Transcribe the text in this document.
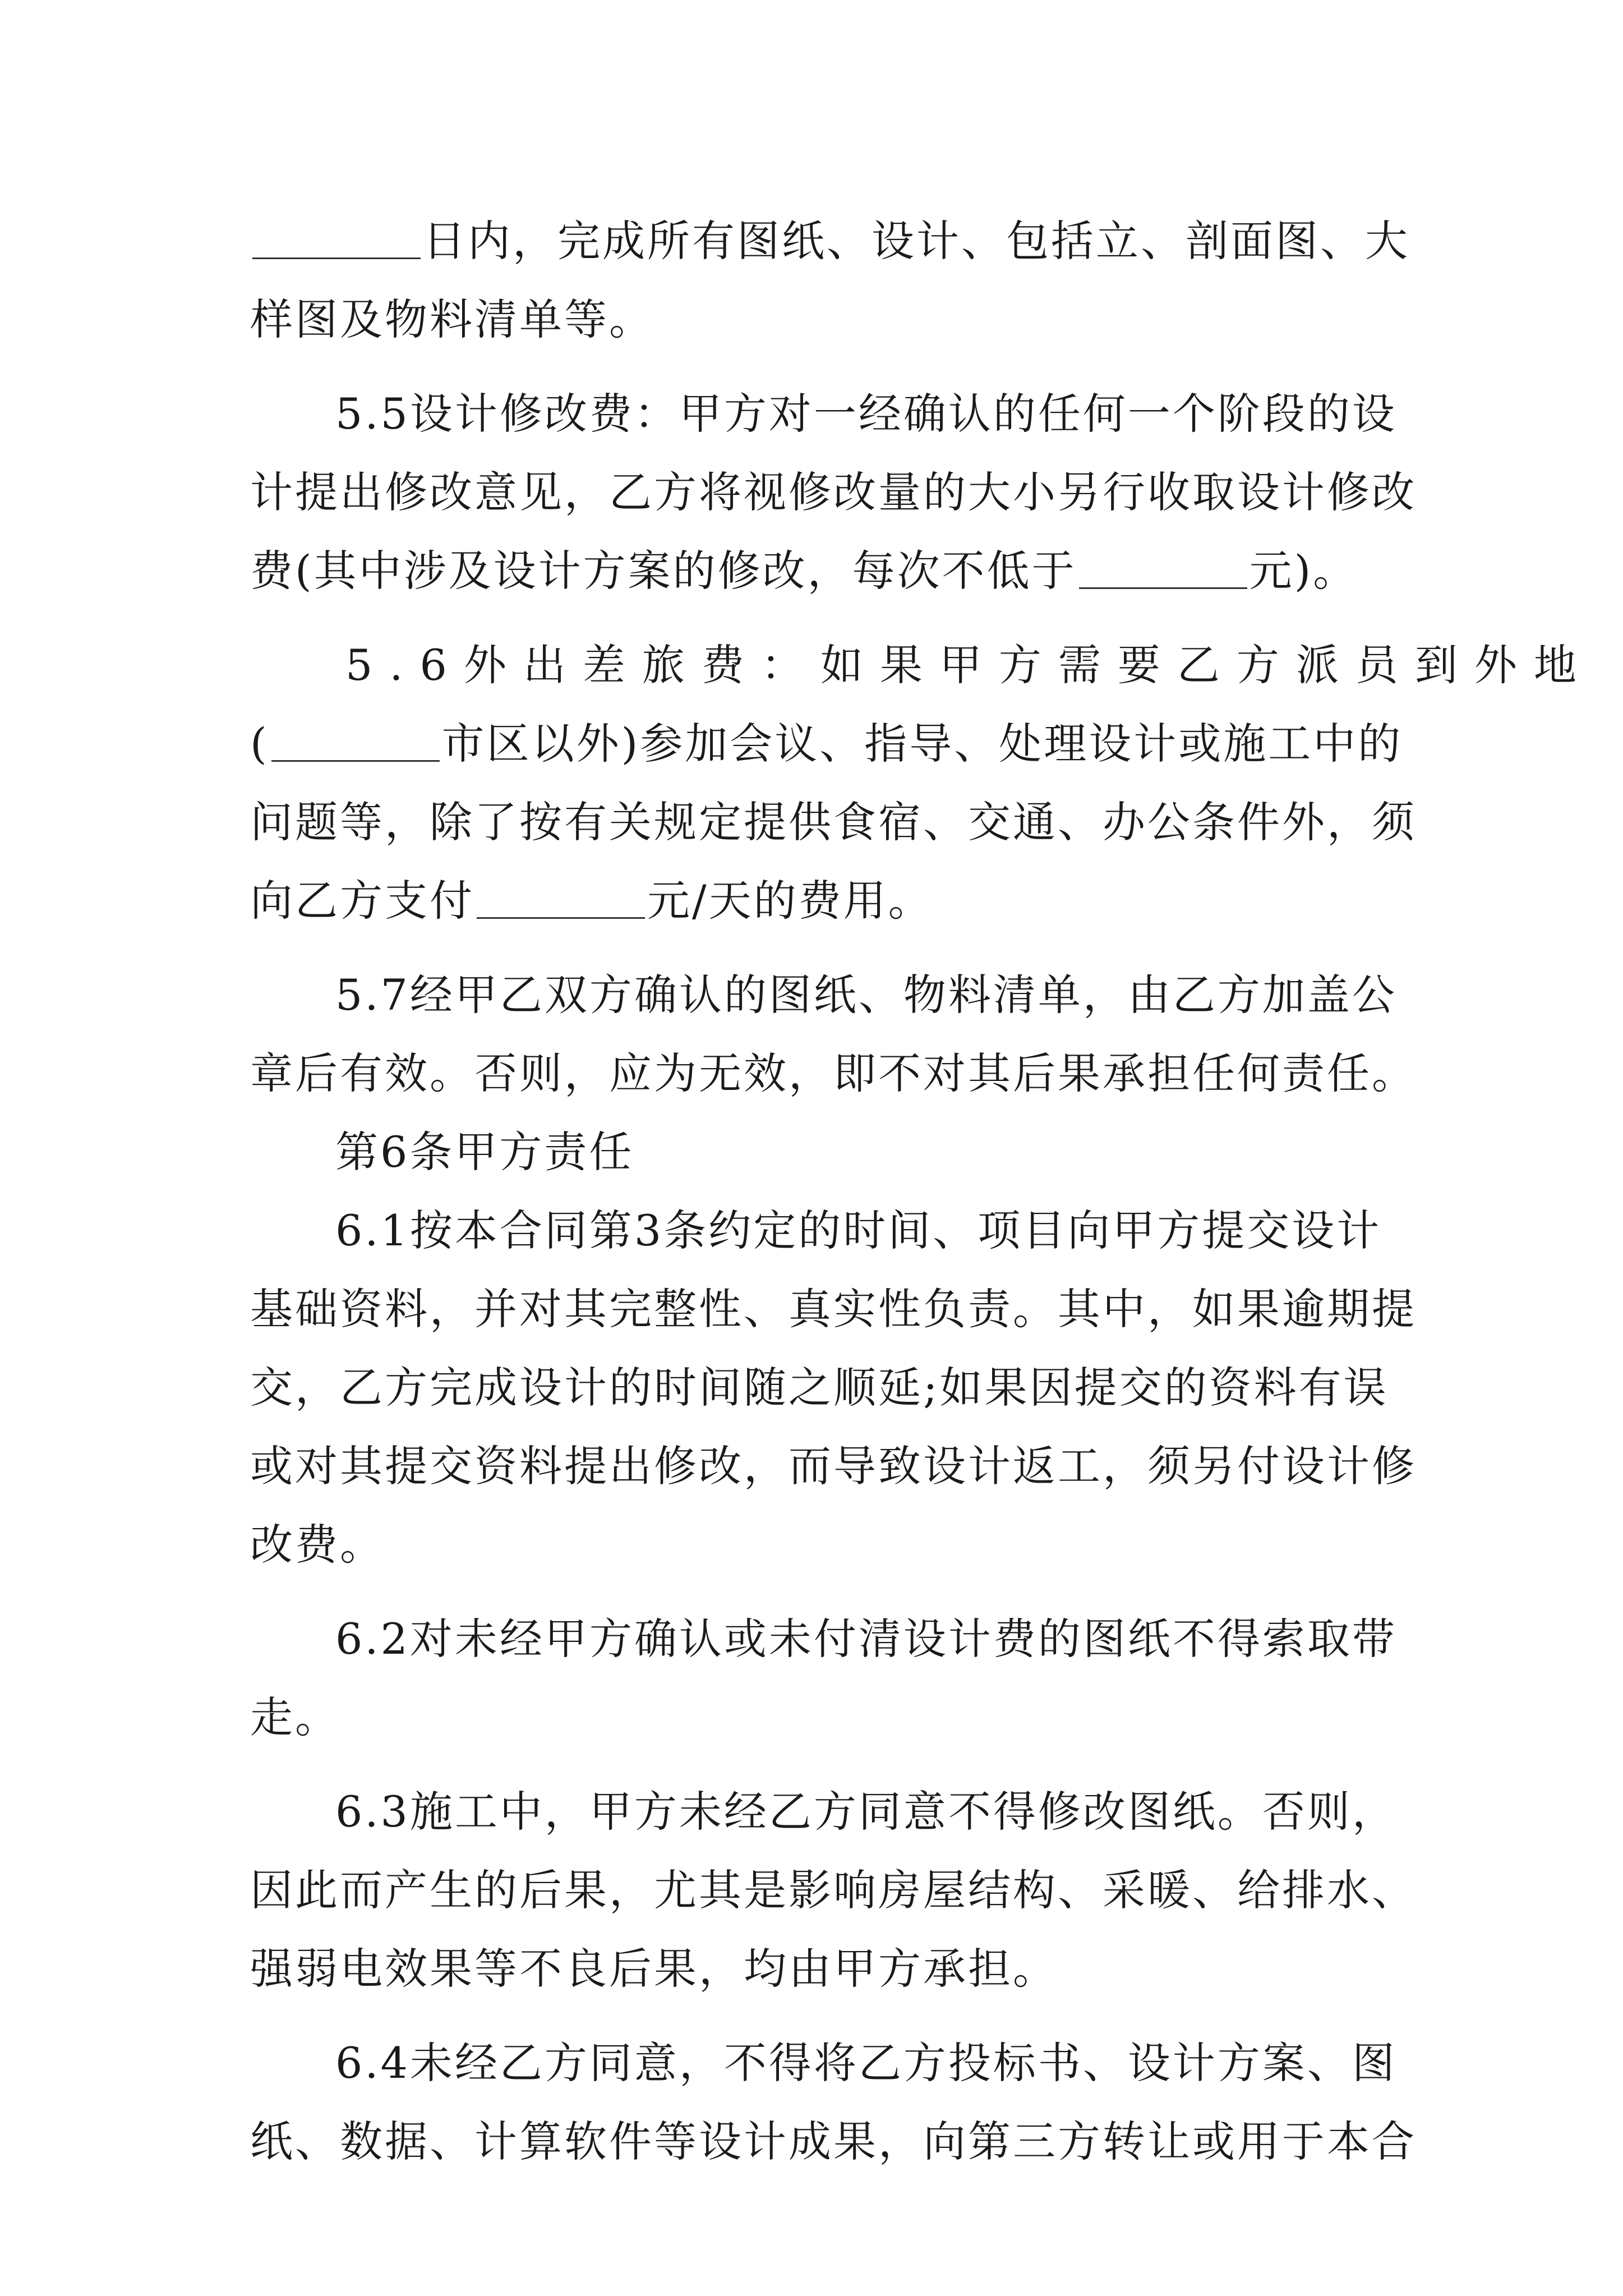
日内，完成所有图纸、设计、包括立、剖面图、大
样图及物料清单等。
5.5设计修改费：甲方对一经确认的任何一个阶段的设
计提出修改意见，乙方将视修改量的大小另行收取设计修改
费(其中涉及设计方案的修改，每次不低于	元)。
5.6外出差旅费：如果甲方需要乙方派员到外地
(	市区以外)参加会议、指导、处理设计或施工中的
问题等，除了按有关规定提供食宿、交通、办公条件外，须
向乙方支付	元/天的费用。
5.7经甲乙双方确认的图纸、物料清单，由乙方加盖公
章后有效。否则，应为无效，即不对其后果承担任何责任。
第6条甲方责任
6.1按本合同第3条约定的时间、项目向甲方提交设计
基础资料，并对其完整性、真实性负责。其中，如果逾期提
交，乙方完成设计的时间随之顺延;如果因提交的资料有误
或对其提交资料提出修改，而导致设计返工，须另付设计修
改费。
6.2对未经甲方确认或未付清设计费的图纸不得索取带
走。
6.3施工中，甲方未经乙方同意不得修改图纸。否则，
因此而产生的后果，尤其是影响房屋结构、采暖、给排水、
强弱电效果等不良后果，均由甲方承担。
6.4未经乙方同意，不得将乙方投标书、设计方案、图
纸、数据、计算软件等设计成果，向第三方转让或用于本合
